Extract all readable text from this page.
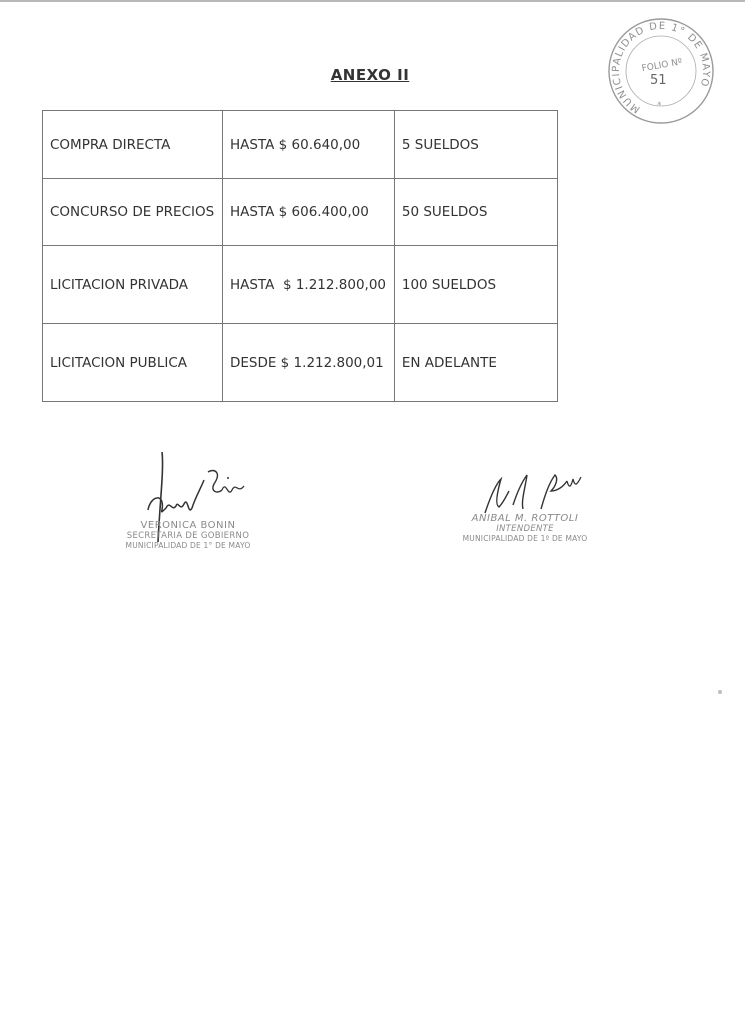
MUNICIPALIDAD DE 1° DE MAYO
FOLIO Nº
51
*
ANEXO II
COMPRA DIRECTA	HASTA $ 60.640,00	5 SUELDOS
CONCURSO DE PRECIOS	HASTA $ 606.400,00	50 SUELDOS
LICITACION PRIVADA	HASTA  $ 1.212.800,00	100 SUELDOS
LICITACION PUBLICA	DESDE $ 1.212.800,01	EN ADELANTE
VERONICA BONIN
SECRETARIA DE GOBIERNO
MUNICIPALIDAD DE 1° DE MAYO
ANIBAL M. ROTTOLI
INTENDENTE
MUNICIPALIDAD DE 1º DE MAYO
